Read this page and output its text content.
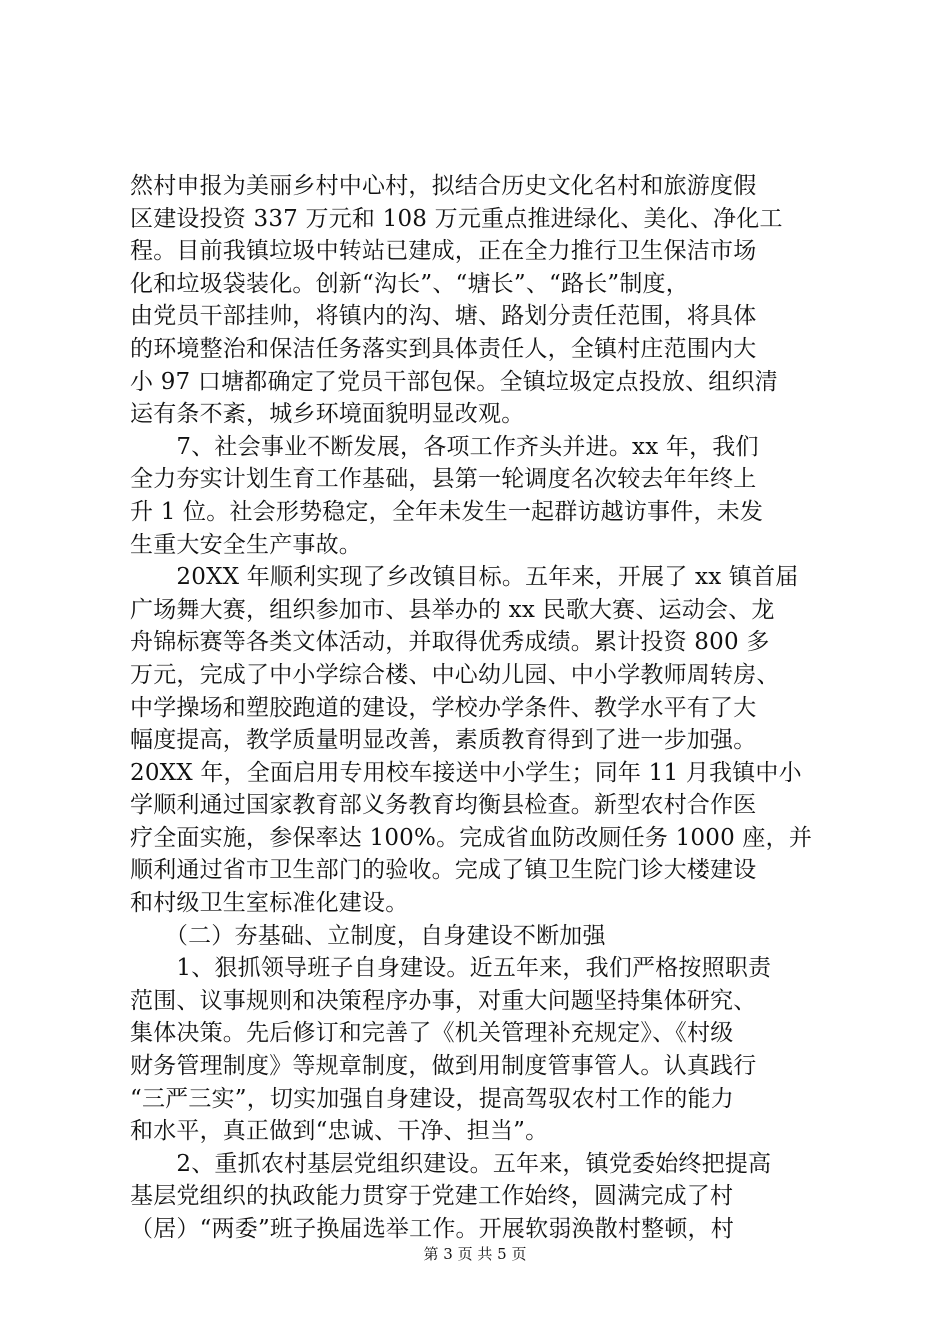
然村申报为美丽乡村中心村，拟结合历史文化名村和旅游度假
区建设投资 337 万元和 108 万元重点推进绿化、美化、净化工
程。目前我镇垃圾中转站已建成，正在全力推行卫生保洁市场
化和垃圾袋装化。创新“沟长”、“塘长”、“路长”制度，
由党员干部挂帅，将镇内的沟、塘、路划分责任范围，将具体
的环境整治和保洁任务落实到具体责任人，全镇村庄范围内大
小 97 口塘都确定了党员干部包保。全镇垃圾定点投放、组织清
运有条不紊，城乡环境面貌明显改观。
　　7、社会事业不断发展，各项工作齐头并进。xx 年，我们
全力夯实计划生育工作基础，县第一轮调度名次较去年年终上
升 1 位。社会形势稳定，全年未发生一起群访越访事件，未发
生重大安全生产事故。
　　20XX 年顺利实现了乡改镇目标。五年来，开展了 xx 镇首届
广场舞大赛，组织参加市、县举办的 xx 民歌大赛、运动会、龙
舟锦标赛等各类文体活动，并取得优秀成绩。累计投资 800 多
万元，完成了中小学综合楼、中心幼儿园、中小学教师周转房、
中学操场和塑胶跑道的建设，学校办学条件、教学水平有了大
幅度提高，教学质量明显改善，素质教育得到了进一步加强。
20XX 年，全面启用专用校车接送中小学生；同年 11 月我镇中小
学顺利通过国家教育部义务教育均衡县检查。新型农村合作医
疗全面实施，参保率达 100%。完成省血防改厕任务 1000 座，并
顺利通过省市卫生部门的验收。完成了镇卫生院门诊大楼建设
和村级卫生室标准化建设。
　　（二）夯基础、立制度，自身建设不断加强
　　1、狠抓领导班子自身建设。近五年来，我们严格按照职责
范围、议事规则和决策程序办事，对重大问题坚持集体研究、
集体决策。先后修订和完善了《机关管理补充规定》、《村级
财务管理制度》等规章制度，做到用制度管事管人。认真践行
“三严三实”，切实加强自身建设，提高驾驭农村工作的能力
和水平，真正做到“忠诚、干净、担当”。
　　2、重抓农村基层党组织建设。五年来，镇党委始终把提高
基层党组织的执政能力贯穿于党建工作始终，圆满完成了村
（居）“两委”班子换届选举工作。开展软弱涣散村整顿，村
第 3 页 共 5 页
